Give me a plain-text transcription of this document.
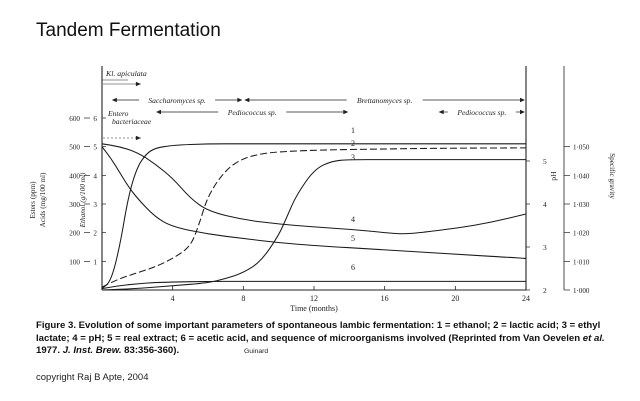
Tandem Fermentation
4	8	12	16	20	24
Time (months)
100
200
300
400
500
600
Esters (ppm) Acids (mg/100 ml)
1
2
3
4
5
6
Ethanol (g/100 ml)
2
3
4
5
pH
1·000
1·010
1·020
1·030
1·040
1·050
Specific gravity
Kl. apiculata
Entero
bacteriaceae
Saccharomyces sp.	Brettanomyces sp.
Pediococcus sp.	Pediococcus sp.
1
2
3
4
5
6

Figure 3. Evolution of some important parameters of spontaneous lambic fermentation: 1 = ethanol; 2 = lactic acid; 3 = ethyl lactate; 4 = pH; 5 = real extract; 6 = acetic acid, and sequence of microorganisms involved (Reprinted from Van Oevelen et al. 1977. J. Inst. Brew. 83:356-360).	Guinard
copyright Raj B Apte, 2004
